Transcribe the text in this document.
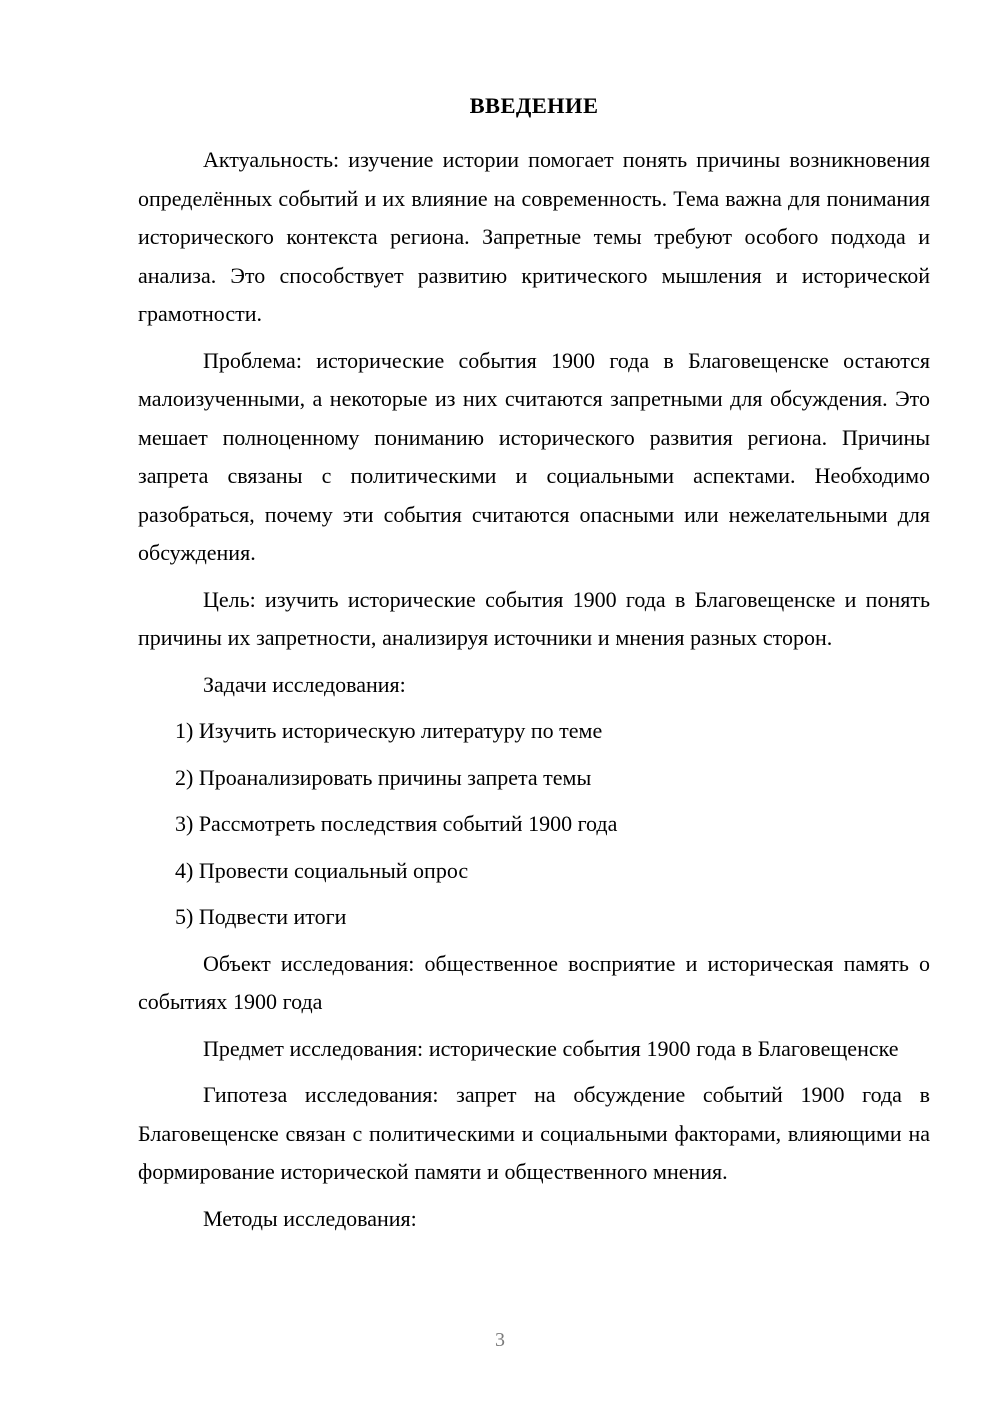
ВВЕДЕНИЕ

Актуальность: изучение истории помогает понять причины возникновения определённых событий и их влияние на современность. Тема важна для понимания исторического контекста региона. Запретные темы требуют особого подхода и анализа. Это способствует развитию критического мышления и исторической грамотности.

Проблема: исторические события 1900 года в Благовещенске остаются малоизученными, а некоторые из них считаются запретными для обсуждения. Это мешает полноценному пониманию исторического развития региона. Причины запрета связаны с политическими и социальными аспектами. Необходимо разобраться, почему эти события считаются опасными или нежелательными для обсуждения.

Цель: изучить исторические события 1900 года в Благовещенске и понять причины их запретности, анализируя источники и мнения разных сторон.

Задачи исследования:

1) Изучить историческую литературу по теме

2) Проанализировать причины запрета темы

3) Рассмотреть последствия событий 1900 года

4) Провести социальный опрос

5) Подвести итоги

Объект исследования: общественное восприятие и историческая память о событиях 1900 года

Предмет исследования: исторические события 1900 года в Благовещенске

Гипотеза исследования: запрет на обсуждение событий 1900 года в Благовещенске связан с политическими и социальными факторами, влияющими на формирование исторической памяти и общественного мнения.

Методы исследования:

3
